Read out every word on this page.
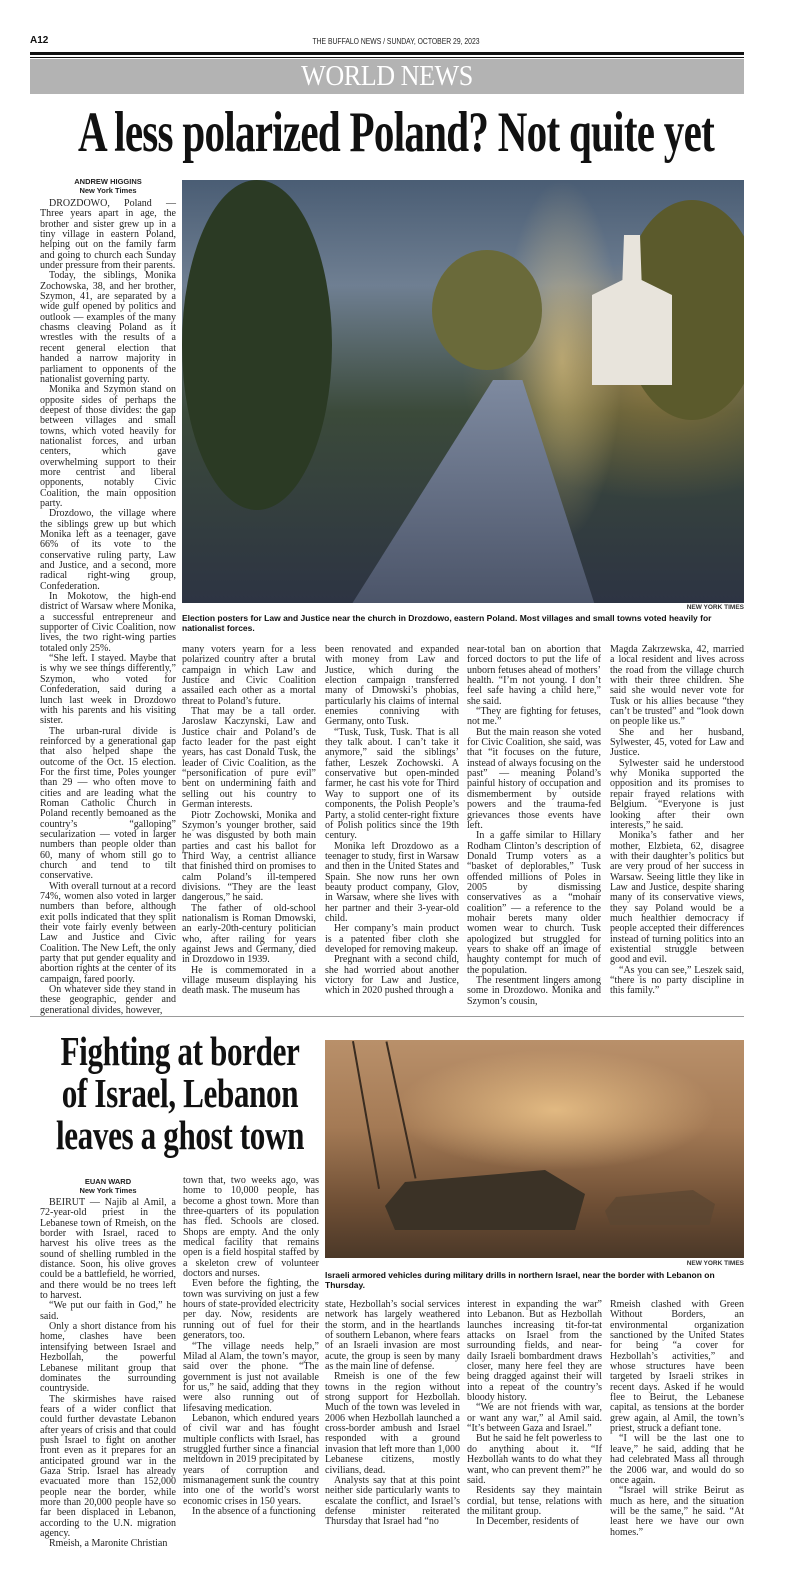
A12	THE BUFFALO NEWS / SUNDAY, OCTOBER 29, 2023
WORLD NEWS
A less polarized Poland? Not quite yet
ANDREW HIGGINS
New York Times
NEW YORK TIMES
Election posters for Law and Justice near the church in Drozdowo, eastern Poland. Most villages and small towns voted heavily for nationalist forces.

DROZDOWO, Poland — Three years apart in age, the brother and sister grew up in a tiny village in eastern Poland, helping out on the family farm and going to church each Sunday under pressure from their parents.

Today, the siblings, Monika Zochowska, 38, and her brother, Szymon, 41, are separated by a wide gulf opened by politics and outlook — examples of the many chasms cleaving Poland as it wrestles with the results of a recent general election that handed a narrow majority in parliament to opponents of the nationalist governing party.

Monika and Szymon stand on opposite sides of perhaps the deepest of those divides: the gap between villages and small towns, which voted heavily for nationalist forces, and urban centers, which gave overwhelming support to their more centrist and liberal opponents, notably Civic Coalition, the main opposition party.

Drozdowo, the village where the siblings grew up but which Monika left as a teenager, gave 66% of its vote to the conservative ruling party, Law and Justice, and a second, more radical right-wing group, Confederation.

In Mokotow, the high-end district of Warsaw where Monika, a successful entrepreneur and supporter of Civic Coalition, now lives, the two right-wing parties totaled only 25%.

“She left. I stayed. Maybe that is why we see things differently,” Szymon, who voted for Confederation, said during a lunch last week in Drozdowo with his parents and his visiting sister.

The urban-rural divide is reinforced by a generational gap that also helped shape the outcome of the Oct. 15 election. For the first time, Poles younger than 29 — who often move to cities and are leading what the Roman Catholic Church in Poland recently bemoaned as the country’s “galloping” secularization — voted in larger numbers than people older than 60, many of whom still go to church and tend to tilt conservative.

With overall turnout at a record 74%, women also voted in larger numbers than before, although exit polls indicated that they split their vote fairly evenly between Law and Justice and Civic Coalition. The New Left, the only party that put gender equality and abortion rights at the center of its campaign, fared poorly.

On whatever side they stand in these geographic, gender and generational divides, however,

many voters yearn for a less polarized country after a brutal campaign in which Law and Justice and Civic Coalition assailed each other as a mortal threat to Poland’s future.

That may be a tall order. Jaroslaw Kaczynski, Law and Justice chair and Poland’s de facto leader for the past eight years, has cast Donald Tusk, the leader of Civic Coalition, as the “personification of pure evil” bent on undermining faith and selling out his country to German interests.

Piotr Zochowski, Monika and Szymon’s younger brother, said he was disgusted by both main parties and cast his ballot for Third Way, a centrist alliance that finished third on promises to calm Poland’s ill-tempered divisions. “They are the least dangerous,” he said.

The father of old-school nationalism is Roman Dmowski, an early-20th-century politician who, after railing for years against Jews and Germany, died in Drozdowo in 1939.

He is commemorated in a village museum displaying his death mask. The museum has

been renovated and expanded with money from Law and Justice, which during the election campaign transferred many of Dmowski’s phobias, particularly his claims of internal enemies conniving with Germany, onto Tusk.

“Tusk, Tusk, Tusk. That is all they talk about. I can’t take it anymore,” said the siblings’ father, Leszek Zochowski. A conservative but open-minded farmer, he cast his vote for Third Way to support one of its components, the Polish People’s Party, a stolid center-right fixture of Polish politics since the 19th century.

Monika left Drozdowo as a teenager to study, first in Warsaw and then in the United States and Spain. She now runs her own beauty product company, Glov, in Warsaw, where she lives with her partner and their 3-year-old child.

Her company’s main product is a patented fiber cloth she developed for removing makeup.

Pregnant with a second child, she had worried about another victory for Law and Justice, which in 2020 pushed through a

near-total ban on abortion that forced doctors to put the life of unborn fetuses ahead of mothers’ health. “I’m not young. I don’t feel safe having a child here,” she said.

“They are fighting for fetuses, not me.”

But the main reason she voted for Civic Coalition, she said, was that “it focuses on the future, instead of always focusing on the past” — meaning Poland’s painful history of occupation and dismemberment by outside powers and the trauma-fed grievances those events have left.

In a gaffe similar to Hillary Rodham Clinton’s description of Donald Trump voters as a “basket of deplorables,” Tusk offended millions of Poles in 2005 by dismissing conservatives as a “mohair coalition” — a reference to the mohair berets many older women wear to church. Tusk apologized but struggled for years to shake off an image of haughty contempt for much of the population.

The resentment lingers among some in Drozdowo. Monika and Szymon’s cousin,

Magda Zakrzewska, 42, married a local resident and lives across the road from the village church with their three children. She said she would never vote for Tusk or his allies because “they can’t be trusted” and “look down on people like us.”

She and her husband, Sylwester, 45, voted for Law and Justice.

Sylwester said he understood why Monika supported the opposition and its promises to repair frayed relations with Belgium. “Everyone is just looking after their own interests,” he said.

Monika’s father and her mother, Elzbieta, 62, disagree with their daughter’s politics but are very proud of her success in Warsaw. Seeing little they like in Law and Justice, despite sharing many of its conservative views, they say Poland would be a much healthier democracy if people accepted their differences instead of turning politics into an existential struggle between good and evil.

“As you can see,” Leszek said, “there is no party discipline in this family.”

Fighting at border
of Israel, Lebanon
leaves a ghost town
NEW YORK TIMES
Israeli armored vehicles during military drills in northern Israel, near the border with Lebanon on Thursday.
EUAN WARD
New York Times

BEIRUT — Najib al Amil, a 72-year-old priest in the Lebanese town of Rmeish, on the border with Israel, raced to harvest his olive trees as the sound of shelling rumbled in the distance. Soon, his olive groves could be a battlefield, he worried, and there would be no trees left to harvest.

“We put our faith in God,” he said.

Only a short distance from his home, clashes have been intensifying between Israel and Hezbollah, the powerful Lebanese militant group that dominates the surrounding countryside.

The skirmishes have raised fears of a wider conflict that could further devastate Lebanon after years of crisis and that could push Israel to fight on another front even as it prepares for an anticipated ground war in the Gaza Strip. Israel has already evacuated more than 152,000 people near the border, while more than 20,000 people have so far been displaced in Lebanon, according to the U.N. migration agency.

Rmeish, a Maronite Christian

town that, two weeks ago, was home to 10,000 people, has become a ghost town. More than three-quarters of its population has fled. Schools are closed. Shops are empty. And the only medical facility that remains open is a field hospital staffed by a skeleton crew of volunteer doctors and nurses.

Even before the fighting, the town was surviving on just a few hours of state-provided electricity per day. Now, residents are running out of fuel for their generators, too.

“The village needs help,” Milad al Alam, the town’s mayor, said over the phone. “The government is just not available for us,” he said, adding that they were also running out of lifesaving medication.

Lebanon, which endured years of civil war and has fought multiple conflicts with Israel, has struggled further since a financial meltdown in 2019 precipitated by years of corruption and mismanagement sunk the country into one of the world’s worst economic crises in 150 years.

In the absence of a functioning

state, Hezbollah’s social services network has largely weathered the storm, and in the heartlands of southern Lebanon, where fears of an Israeli invasion are most acute, the group is seen by many as the main line of defense.

Rmeish is one of the few towns in the region without strong support for Hezbollah. Much of the town was leveled in 2006 when Hezbollah launched a cross-border ambush and Israel responded with a ground invasion that left more than 1,000 Lebanese citizens, mostly civilians, dead.

Analysts say that at this point neither side particularly wants to escalate the conflict, and Israel’s defense minister reiterated Thursday that Israel had “no

interest in expanding the war” into Lebanon. But as Hezbollah launches increasing tit-for-tat attacks on Israel from the surrounding fields, and near-daily Israeli bombardment draws closer, many here feel they are being dragged against their will into a repeat of the country’s bloody history.

“We are not friends with war, or want any war,” al Amil said. “It’s between Gaza and Israel.”

But he said he felt powerless to do anything about it. “If Hezbollah wants to do what they want, who can prevent them?” he said.

Residents say they maintain cordial, but tense, relations with the militant group.

In December, residents of

Rmeish clashed with Green Without Borders, an environmental organization sanctioned by the United States for being “a cover for Hezbollah’s activities,” and whose structures have been targeted by Israeli strikes in recent days. Asked if he would flee to Beirut, the Lebanese capital, as tensions at the border grew again, al Amil, the town’s priest, struck a defiant tone.

“I will be the last one to leave,” he said, adding that he had celebrated Mass all through the 2006 war, and would do so once again.

“Israel will strike Beirut as much as here, and the situation will be the same,” he said. “At least here we have our own homes.”
